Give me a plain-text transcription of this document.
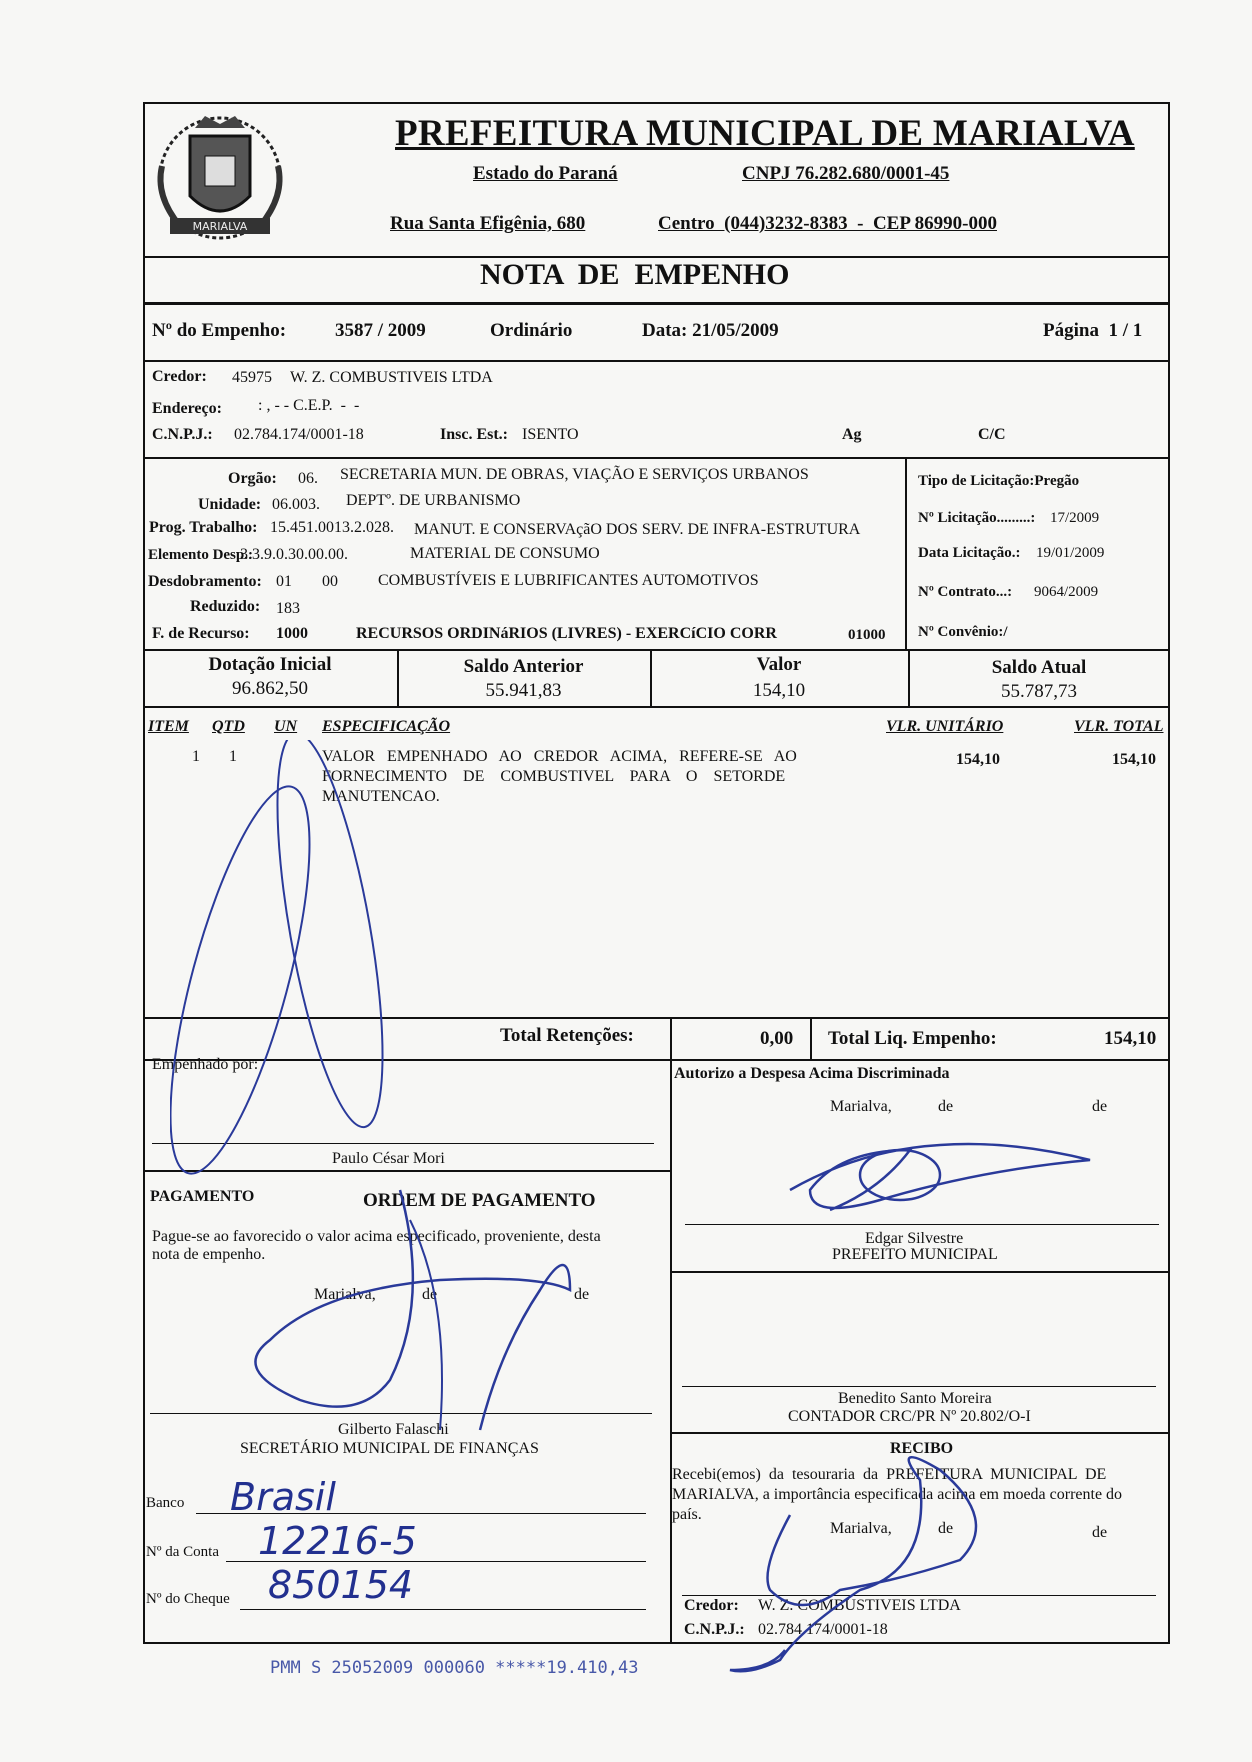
MARIALVA
PREFEITURA MUNICIPAL DE MARIALVA
Estado do Paraná	CNPJ 76.282.680/0001-45
Rua Santa Efigênia, 680	Centro  (044)3232-8383  -  CEP 86990-000
NOTA  DE  EMPENHO
Nº do Empenho:	3587 / 2009	Ordinário	Data: 21/05/2009	Página  1 / 1
Credor: 45975 W. Z. COMBUSTIVEIS LTDA
Endereço: : , - - C.E.P.  -  -
C.N.P.J.: 02.784.174/0001-18	Insc. Est.: ISENTO	Ag	C/C
Orgão: 06. SECRETARIA MUN. DE OBRAS, VIAÇÃO E SERVIÇOS URBANOS
Unidade: 06.003. DEPTº. DE URBANISMO
Prog. Trabalho: 15.451.0013.2.028. MANUT. E CONSERVAçãO DOS SERV. DE INFRA-ESTRUTURA
Elemento Desp.:
3.3.9.0.30.00.00.	MATERIAL DE CONSUMO
Desdobramento: 01 00	COMBUSTÍVEIS E LUBRIFICANTES AUTOMOTIVOS
Reduzido: 183
F. de Recurso: 1000	RECURSOS ORDINáRIOS (LIVRES) - EXERCíCIO CORR	01000
Tipo de Licitação:Pregão
Nº Licitação.........: 17/2009
Data Licitação.: 19/01/2009
Nº Contrato...: 9064/2009
Nº Convênio:/
Dotação Inicial
96.862,50
Saldo Anterior
55.941,83
Valor
154,10
Saldo Atual
55.787,73
ITEM QTD UN ESPECIFICAÇÃO	VLR. UNITÁRIO	VLR. TOTAL
1 1	VALOR   EMPENHADO   AO   CREDOR   ACIMA,   REFERE-SE   AO
FORNECIMENTO    DE    COMBUSTIVEL    PARA    O    SETORDE
MANUTENCAO.
154,10	154,10
Total Retenções:	0,00 Total Liq. Empenho:	154,10
Empenhado por:
Paulo César Mori
Autorizo a Despesa Acima Discriminada
Marialva,	de	de
Edgar Silvestre
PREFEITO MUNICIPAL
PAGAMENTO	ORDEM DE PAGAMENTO
Pague-se ao favorecido o valor acima especificado, proveniente, desta
nota de empenho.
Marialva,	de	de
Gilberto Falaschi
SECRETÁRIO MUNICIPAL DE FINANÇAS
Banco Brasil
Nº da Conta 12216-5
Nº do Cheque 850154
Benedito Santo Moreira
CONTADOR CRC/PR Nº 20.802/O-I
RECIBO
Recebi(emos)  da  tesouraria  da  PREFEITURA  MUNICIPAL  DE
MARIALVA, a importância especificada acima em moeda corrente do
país.
Marialva,	de	de
Credor: W. Z. COMBUSTIVEIS LTDA
C.N.P.J.: 02.784.174/0001-18
PMM S 25052009 000060 *****19.410,43
